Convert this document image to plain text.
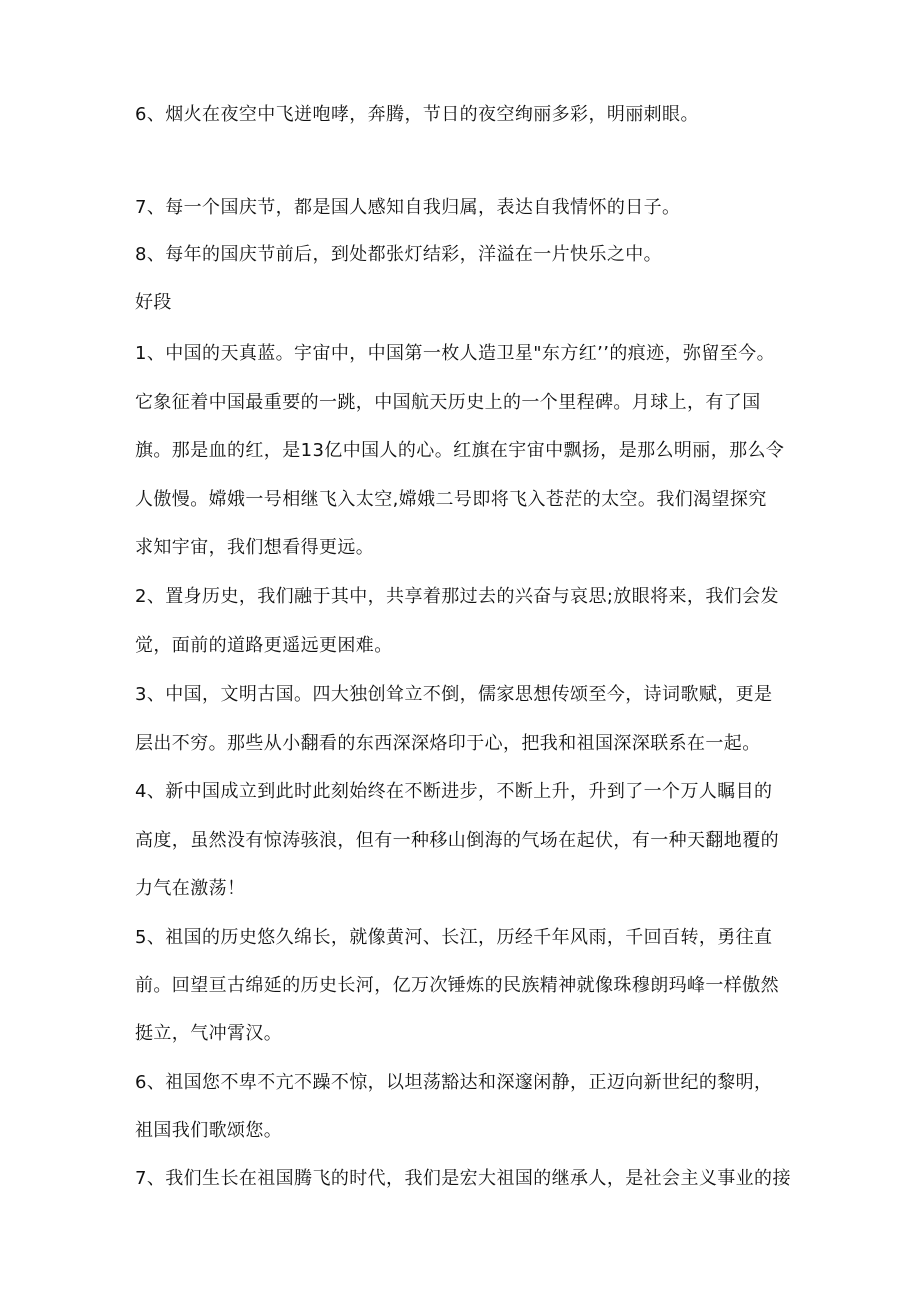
6、烟火在夜空中飞迸咆哮，奔腾，节日的夜空绚丽多彩，明丽刺眼。
7、每一个国庆节，都是国人感知自我归属，表达自我情怀的日子。
8、每年的国庆节前后，到处都张灯结彩，洋溢在一片快乐之中。
好段
1、中国的天真蓝。宇宙中，中国第一枚人造卫星"东方红’’的痕迹，弥留至今。
它象征着中国最重要的一跳，中国航天历史上的一个里程碑。月球上，有了国
旗。那是血的红，是13亿中国人的心。红旗在宇宙中飘扬，是那么明丽，那么令
人傲慢。嫦娥一号相继飞入太空,嫦娥二号即将飞入苍茫的太空。我们渴望探究
求知宇宙，我们想看得更远。
2、置身历史，我们融于其中，共享着那过去的兴奋与哀思;放眼将来，我们会发
觉，面前的道路更遥远更困难。
3、中国，文明古国。四大独创耸立不倒，儒家思想传颂至今，诗词歌赋，更是
层出不穷。那些从小翻看的东西深深烙印于心，把我和祖国深深联系在一起。
4、新中国成立到此时此刻始终在不断进步，不断上升，升到了一个万人瞩目的
高度，虽然没有惊涛骇浪，但有一种移山倒海的气场在起伏，有一种天翻地覆的
力气在激荡！
5、祖国的历史悠久绵长，就像黄河、长江，历经千年风雨，千回百转，勇往直
前。回望亘古绵延的历史长河，亿万次锤炼的民族精神就像珠穆朗玛峰一样傲然
挺立，气冲霄汉。
6、祖国您不卑不亢不躁不惊，以坦荡豁达和深邃闲静，正迈向新世纪的黎明，
祖国我们歌颂您。
7、我们生长在祖国腾飞的时代，我们是宏大祖国的继承人，是社会主义事业的接
